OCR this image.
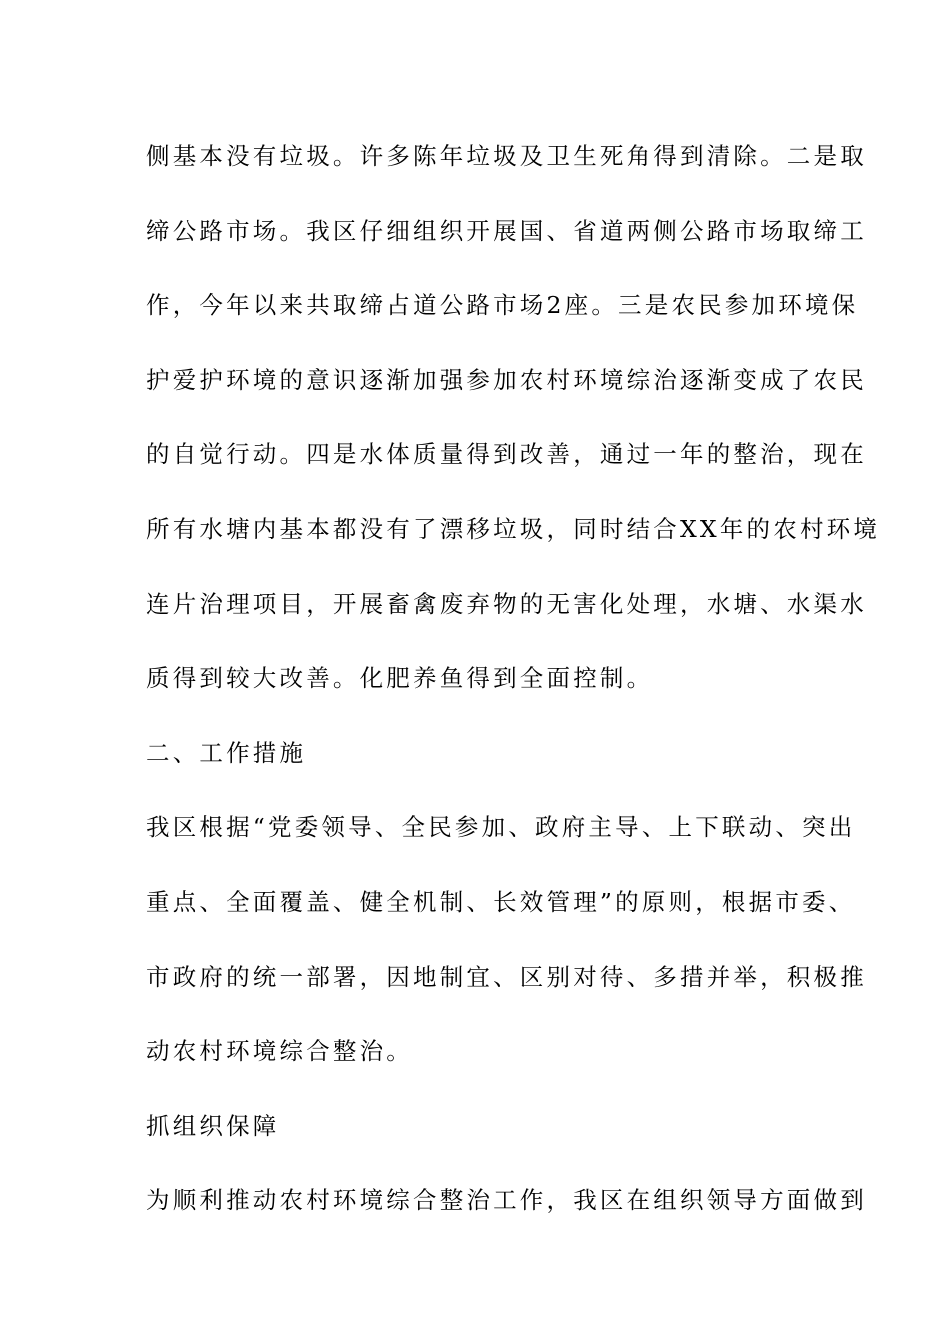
侧基本没有垃圾。许多陈年垃圾及卫生死角得到清除。二是取
缔公路市场。我区仔细组织开展国、省道两侧公路市场取缔工
作，今年以来共取缔占道公路市场2座。三是农民参加环境保
护爱护环境的意识逐渐加强参加农村环境综治逐渐变成了农民
的自觉行动。四是水体质量得到改善，通过一年的整治，现在
所有水塘内基本都没有了漂移垃圾，同时结合XX年的农村环境
连片治理项目，开展畜禽废弃物的无害化处理，水塘、水渠水
质得到较大改善。化肥养鱼得到全面控制。
二、工作措施
我区根据“党委领导、全民参加、政府主导、上下联动、突出
重点、全面覆盖、健全机制、长效管理”的原则，根据市委、
市政府的统一部署，因地制宜、区别对待、多措并举，积极推
动农村环境综合整治。
抓组织保障
为顺利推动农村环境综合整治工作，我区在组织领导方面做到
